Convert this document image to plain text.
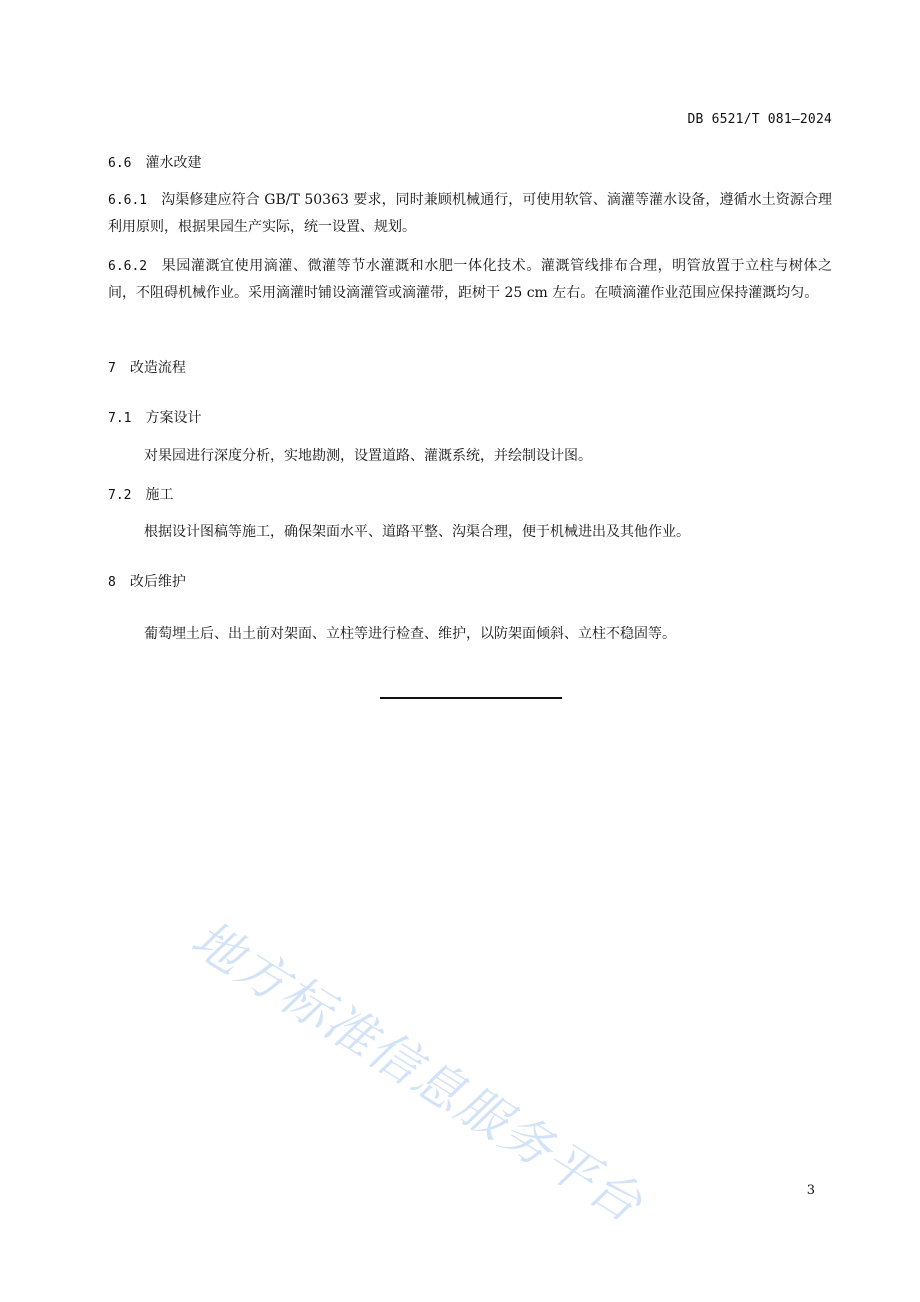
DB 6521/T 081—2024
6.6 灌水改建
6.6.1 沟渠修建应符合 GB/T 50363 要求，同时兼顾机械通行，可使用软管、滴灌等灌水设备，遵循水土资源合理利用原则，根据果园生产实际，统一设置、规划。
6.6.2 果园灌溉宜使用滴灌、微灌等节水灌溉和水肥一体化技术。灌溉管线排布合理，明管放置于立柱与树体之间，不阻碍机械作业。采用滴灌时铺设滴灌管或滴灌带，距树干 25 cm 左右。在喷滴灌作业范围应保持灌溉均匀。
7 改造流程
7.1 方案设计
对果园进行深度分析，实地勘测，设置道路、灌溉系统，并绘制设计图。
7.2 施工
根据设计图稿等施工，确保架面水平、道路平整、沟渠合理，便于机械进出及其他作业。
8 改后维护
葡萄埋土后、出土前对架面、立柱等进行检查、维护，以防架面倾斜、立柱不稳固等。
地方标准信息服务平台	3
